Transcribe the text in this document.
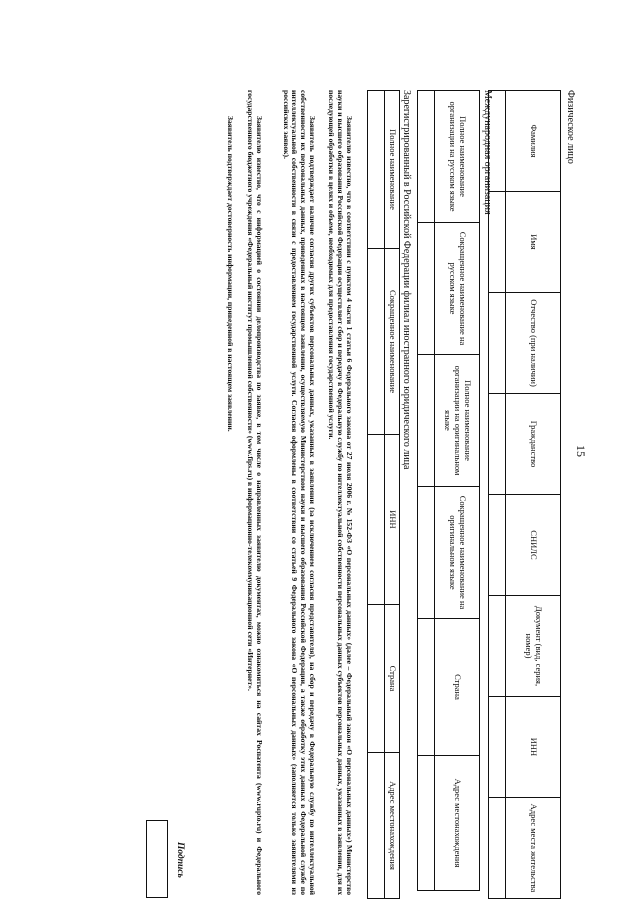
15
Физическое лицо
Фамилия	Имя	Отчество (при наличии)	Гражданство	СНИЛС	Документ (вид, серия, номер)	ИНН	Адрес места жительства

Международная организация
Полное наименование организации на русском языке	Сокращенное наименование на русском языке	Полное наименование организации на оригинальном языке	Сокращенное наименование на оригинальном языке	Страна	Адрес местонахождения

Зарегистрированный в Российской Федерации филиал иностранного юридического лица
Полное наименование	Сокращенное наименование	ИНН	Страна	Адрес местонахождения

Заявителю известно, что в соответствии с пунктом 4 части 1 статьи 6 Федерального закона от 27 июля 2006 г. № 152-ФЗ «О персональных данных» (далее – Федеральный закон «О персональных данных») Министерство науки и высшего образования Российской Федерации осуществляет сбор и передачу в Федеральную службу по интеллектуальной собственности персональных данных субъектов персональных данных, указанных в заявлении, для их последующей обработки в целях и объеме, необходимых для предоставления государственной услуги.

Заявитель подтверждает наличие согласия других субъектов персональных данных, указанных в заявлении (за исключением согласия представителя), на сбор и передачу в Федеральную службу по интеллектуальной собственности их персональных данных, приведенных в настоящем заявлении, осуществляемую Министерством науки и высшего образования Российской Федерации, а также обработку этих данных в Федеральной службе по интеллектуальной собственности в связи с предоставлением государственной услуги. Согласия оформлены в соответствии со статьей 9 Федерального закона «О персональных данных» (заполняется только заявителями из российских заявок).

Заявителю известно, что с информацией о состоянии делопроизводства по заявке, в том числе о направленных заявителю документах, можно ознакомиться на сайтах Роспатента (www.rupto.ru) и Федерального государственного бюджетного учреждения «Федеральный институт промышленной собственности» (www.fips.ru) в информационно-телекоммуникационной сети «Интернет».

Заявитель подтверждает достоверность информации, приведенной в настоящем заявлении.

Подпись
